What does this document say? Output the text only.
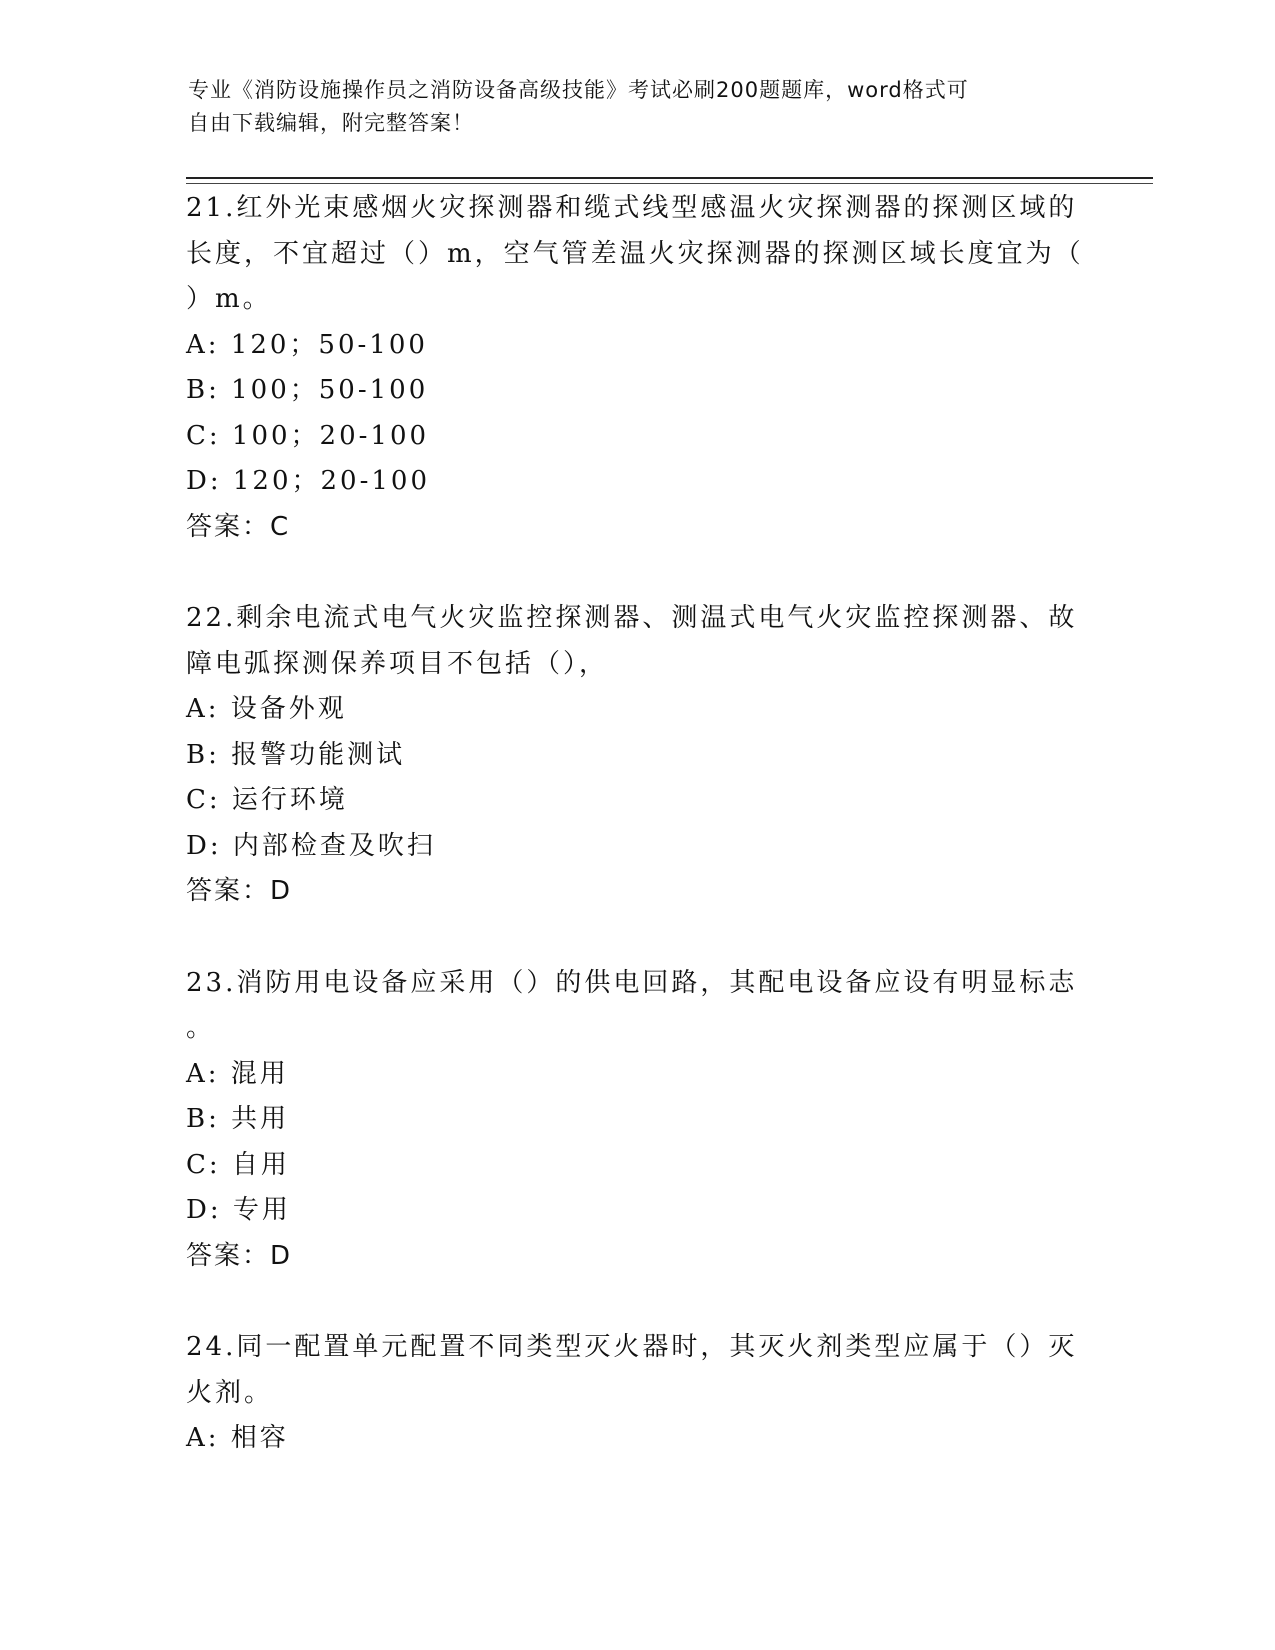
专业《消防设施操作员之消防设备高级技能》考试必刷200题题库，word格式可
自由下载编辑，附完整答案！
21.红外光束感烟火灾探测器和缆式线型感温火灾探测器的探测区域的
长度，不宜超过（）m，空气管差温火灾探测器的探测区域长度宜为（
）m。
A: 120；50-100
B: 100；50-100
C: 100；20-100
D: 120；20-100
答案：C
22.剩余电流式电气火灾监控探测器、测温式电气火灾监控探测器、故
障电弧探测保养项目不包括（），
A: 设备外观
B: 报警功能测试
C: 运行环境
D: 内部检查及吹扫
答案：D
23.消防用电设备应采用（）的供电回路，其配电设备应设有明显标志
。
A: 混用
B: 共用
C: 自用
D: 专用
答案：D
24.同一配置单元配置不同类型灭火器时，其灭火剂类型应属于（）灭
火剂。
A: 相容
